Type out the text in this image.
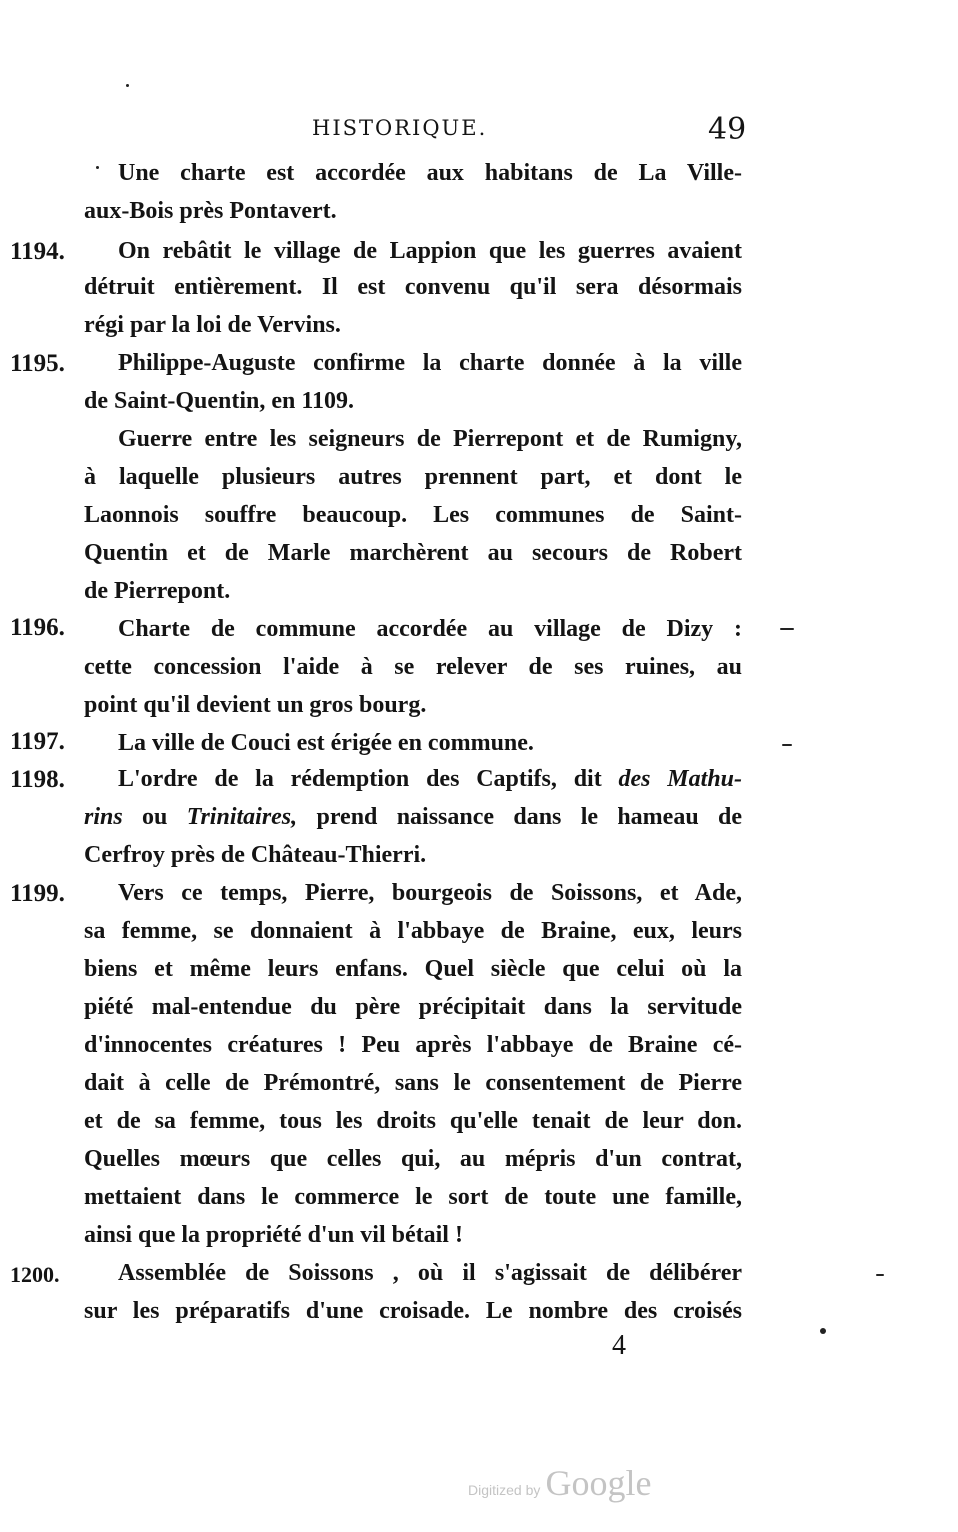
HISTORIQUE.	49
Une charte est accordée aux habitans de La Ville-
aux-Bois près Pontavert.
1194. On rebâtit le village de Lappion que les guerres avaient
détruit entièrement. Il est convenu qu'il sera désormais
régi par la loi de Vervins.
1195. Philippe-Auguste confirme la charte donnée à la ville
de Saint-Quentin, en 1109.
Guerre entre les seigneurs de Pierrepont et de Rumigny,
à laquelle plusieurs autres prennent part, et dont le
Laonnois souffre beaucoup. Les communes de Saint-
Quentin et de Marle marchèrent au secours de Robert
de Pierrepont.
1196. Charte de commune accordée au village de Dizy :
cette concession l'aide à se relever de ses ruines, au
point qu'il devient un gros bourg.
1197. La ville de Couci est érigée en commune.
1198. L'ordre de la rédemption des Captifs, dit des Mathu-
rins ou Trinitaires, prend naissance dans le hameau de
Cerfroy près de Château-Thierri.
1199. Vers ce temps, Pierre, bourgeois de Soissons, et Ade,
sa femme, se donnaient à l'abbaye de Braine, eux, leurs
biens et même leurs enfans. Quel siècle que celui où la
piété mal-entendue du père précipitait dans la servitude
d'innocentes créatures ! Peu après l'abbaye de Braine cé-
dait à celle de Prémontré, sans le consentement de Pierre
et de sa femme, tous les droits qu'elle tenait de leur don.
Quelles mœurs que celles qui, au mépris d'un contrat,
mettaient dans le commerce le sort de toute une famille,
ainsi que la propriété d'un vil bétail !
1200. Assemblée de Soissons , où il s'agissait de délibérer
sur les préparatifs d'une croisade. Le nombre des croisés
4
Digitized by Google
